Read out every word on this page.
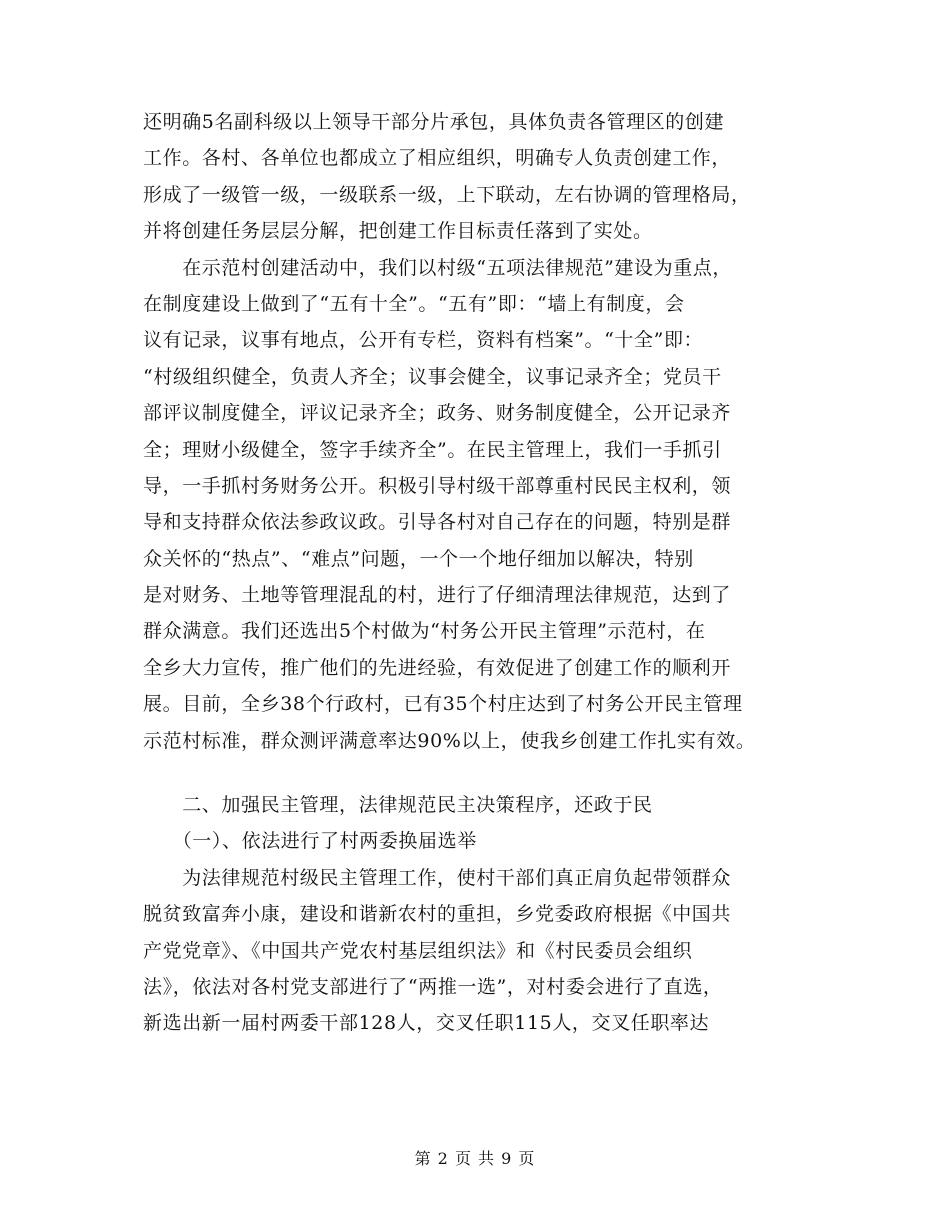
还明确5名副科级以上领导干部分片承包，具体负责各管理区的创建
工作。各村、各单位也都成立了相应组织，明确专人负责创建工作，
形成了一级管一级，一级联系一级，上下联动，左右协调的管理格局，
并将创建任务层层分解，把创建工作目标责任落到了实处。
　　在示范村创建活动中，我们以村级“五项法律规范”建设为重点，
在制度建设上做到了“五有十全”。“五有”即：“墙上有制度，会
议有记录，议事有地点，公开有专栏，资料有档案”。“十全”即：
“村级组织健全，负责人齐全；议事会健全，议事记录齐全；党员干
部评议制度健全，评议记录齐全；政务、财务制度健全，公开记录齐
全；理财小级健全，签字手续齐全”。在民主管理上，我们一手抓引
导，一手抓村务财务公开。积极引导村级干部尊重村民民主权利，领
导和支持群众依法参政议政。引导各村对自己存在的问题，特别是群
众关怀的“热点”、“难点”问题，一个一个地仔细加以解决，特别
是对财务、土地等管理混乱的村，进行了仔细清理法律规范，达到了
群众满意。我们还选出5个村做为“村务公开民主管理”示范村，在
全乡大力宣传，推广他们的先进经验，有效促进了创建工作的顺利开
展。目前，全乡38个行政村，已有35个村庄达到了村务公开民主管理
示范村标准，群众测评满意率达90%以上，使我乡创建工作扎实有效。
　　二、加强民主管理，法律规范民主决策程序，还政于民
　　（一）、依法进行了村两委换届选举
　　为法律规范村级民主管理工作，使村干部们真正肩负起带领群众
脱贫致富奔小康，建设和谐新农村的重担，乡党委政府根据《中国共
产党党章》、《中国共产党农村基层组织法》和《村民委员会组织
法》，依法对各村党支部进行了“两推一选”，对村委会进行了直选，
新选出新一届村两委干部128人，交叉任职115人，交叉任职率达
第 2 页 共 9 页
